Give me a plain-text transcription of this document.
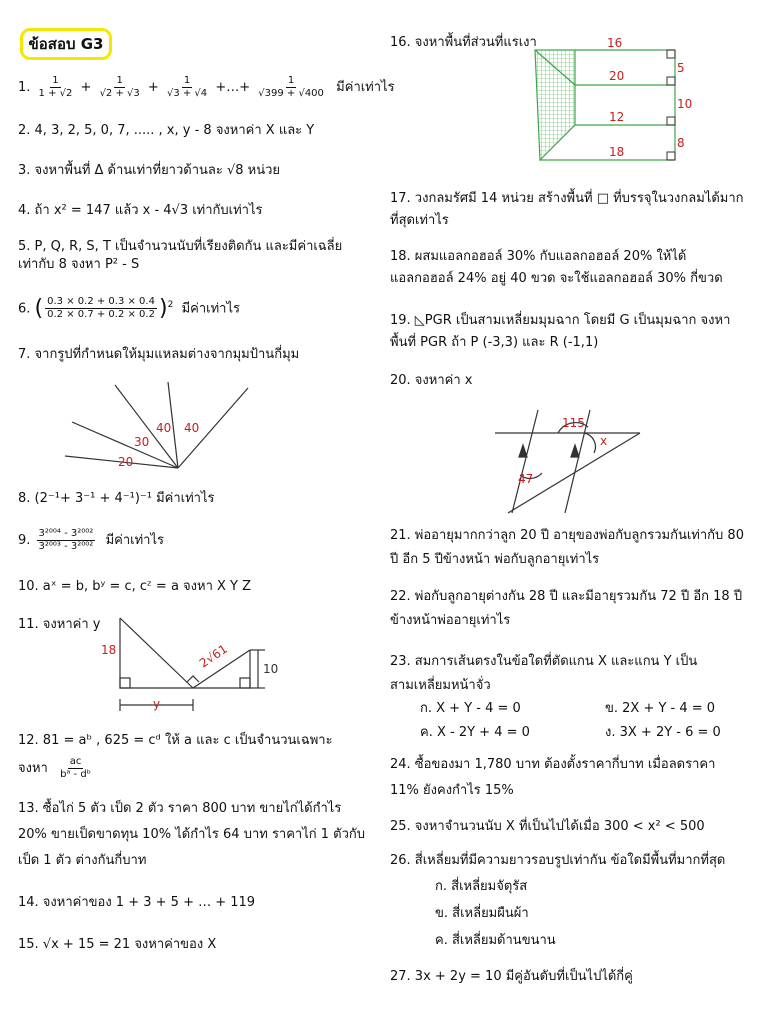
ข้อสอบ G3
1. $\frac{1}{1 + √2} + \frac{1}{√2 + √3} + \frac{1}{√3 + √4}$ +…+ $\frac{1}{√399 + √400}$ มีค่าเท่าไร
2. 4, 3, 2, 5, 0, 7, ..... , x, y - 8 จงหาค่า X และ Y
3. จงหาพื้นที่ Δ ด้านเท่าที่ยาวด้านละ √8 หน่วย
4. ถ้า x² = 147 แล้ว x - 4√3 เท่ากับเท่าไร
5. P, Q, R, S, T เป็นจำนวนนับที่เรียงติดกัน และมีค่าเฉลี่ย เท่ากับ 8 จงหา P² - S
6. ( $\frac{0.3 \times 0.2 + 0.3 \times 0.4}{0.2 \times 0.7 + 0.2 \times 0.2} )^2$ มีค่าเท่าไร
7. จากรูปที่กำหนดให้มุมแหลมต่างจากมุมป้านกี่มุม
20
30
40 40
8. (2⁻¹+ 3⁻¹ + 4⁻¹)⁻¹ มีค่าเท่าไร
9. $\frac{\text{3²⁰⁰⁴ - 3²⁰⁰²}}{\text{3²⁰⁰³ - 3²⁰⁰²}}$ มีค่าเท่าไร
10. aˣ = b, bʸ = c, cᶻ = a จงหา X Y Z
11. จงหาค่า y
18	2√61	10
y
12. 81 = aᵇ , 625 = cᵈ ให้ a และ c เป็นจำนวนเฉพาะ
จงหา $\frac{ac}{\text{bᵃ - dᵇ}}$
13. ซื้อไก่ 5 ตัว เป็ด 2 ตัว ราคา 800 บาท ขายไก่ได้กำไร 20% ขายเป็ดขาดทุน 10% ได้กำไร 64 บาท ราคาไก่ 1 ตัวกับเป็ด 1 ตัว ต่างกันกี่บาท
14. จงหาค่าของ 1 + 3 + 5 + … + 119
15. √x + 15 = 21 จงหาค่าของ X
16. จงหาพื้นที่ส่วนที่แรเงา	16
20
12
18
5
10
8
17. วงกลมรัศมี 14 หน่วย สร้างพื้นที่ □ ที่บรรจุในวงกลมได้มากที่สุดเท่าไร
18. ผสมแอลกอฮอล์ 30% กับแอลกอฮอล์ 20% ให้ได้แอลกอฮอล์ 24% อยู่ 40 ขวด จะใช้แอลกอฮอล์ 30% กี่ขวด
19. ◺PGR เป็นสามเหลี่ยมมุมฉาก โดยมี G เป็นมุมฉาก จงหาพื้นที่ PGR ถ้า P (-3,3) และ R (-1,1)
20. จงหาค่า x
115
47
x
21. พ่ออายุมากกว่าลูก 20 ปี อายุของพ่อกับลูกรวมกันเท่ากับ 80 ปี อีก 5 ปีข้างหน้า พ่อกับลูกอายุเท่าไร
22. พ่อกับลูกอายุต่างกัน 28 ปี และมีอายุรวมกัน 72 ปี อีก 18 ปีข้างหน้าพ่ออายุเท่าไร
23. สมการเส้นตรงในข้อใดที่ตัดแกน X และแกน Y เป็นสามเหลี่ยมหน้าจั่ว
ก. X + Y - 4 = 0	ข. 2X + Y - 4 = 0
ค. X - 2Y + 4 = 0	ง. 3X + 2Y - 6 = 0
24. ซื้อของมา 1,780 บาท ต้องตั้งราคากี่บาท เมื่อลดราคา 11% ยังคงกำไร 15%
25. จงหาจำนวนนับ X ที่เป็นไปได้เมื่อ 300 < x² < 500
26. สี่เหลี่ยมที่มีความยาวรอบรูปเท่ากัน ข้อใดมีพื้นที่มากที่สุด
ก. สี่เหลี่ยมจัตุรัส
ข. สี่เหลี่ยมผืนผ้า
ค. สี่เหลี่ยมด้านขนาน
27. 3x + 2y = 10 มีคู่อันดับที่เป็นไปได้กี่คู่
